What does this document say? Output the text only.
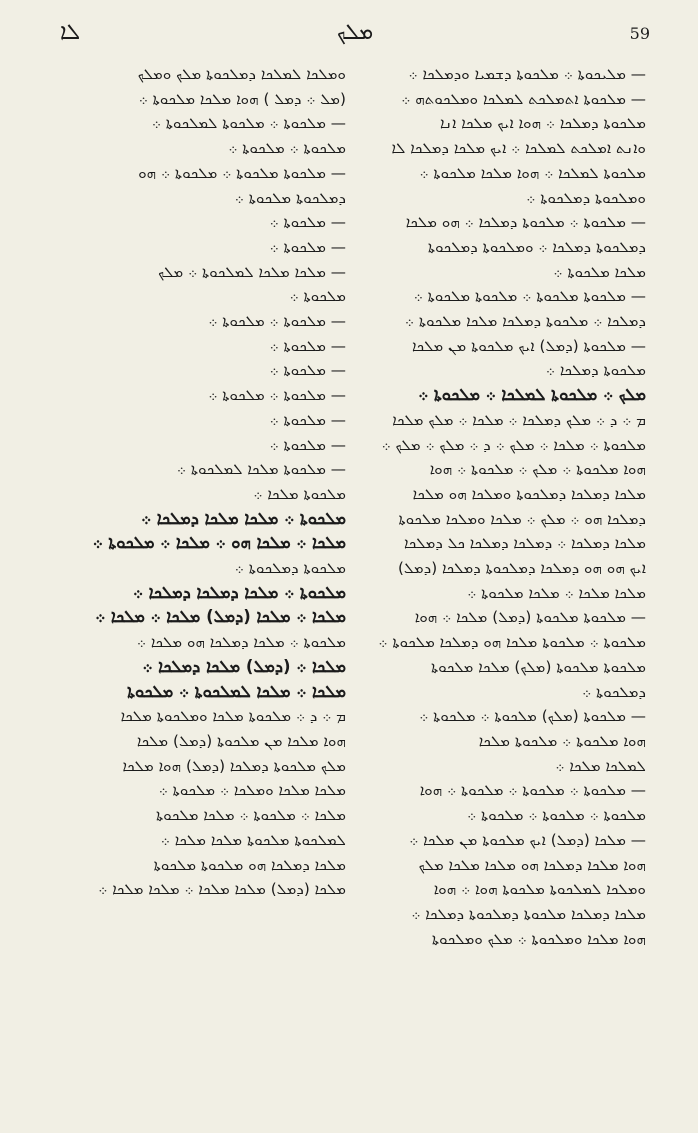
ܠܐ	ܡܠܟ	59

— ܡܠܝܟܘܬܐ ܀ ܡܠܟܘܬܐ ܕܫܡܝܐ ܘܕܡܠܟܐ ܀

— ܡܠܟܘܬܐ ܐܬܡܠܟܬ ܠܡܠܟܐ ܘܡܠܟܘܬܗ ܀

ܡܠܟܘܬܐ ܕܡܠܟܐ ܀ ܗܘܐ ܐܝܟ ܡܠܟܐ ܐܢܐ

ܘܐܢܬ ܐܡܠܟܬ ܠܡܠܟܐ ܀ ܐܝܟ ܡܠܟܐ ܕܡܠܟܐ ܠܐ

ܡܠܟܘܬܐ ܠܡܠܟܐ ܀ ܗܘܐ ܡܠܟܐ ܡܠܟܘܬܐ ܀

ܘܡܠܟܘܬܐ ܕܡܠܟܘܬܐ ܀

— ܡܠܟܘܬܐ ܀ ܡܠܟܘܬܐ ܕܡܠܟܐ ܀ ܗܘ ܡܠܟܐ

ܕܡܠܟܘܬܐ ܕܡܠܟܐ ܀ ܘܡܠܟܘܬܐ ܕܡܠܟܘܬܐ

ܡܠܟܐ ܡܠܟܘܬܐ ܀

— ܡܠܟܘܬܐ ܡܠܟܘܬܐ ܀ ܡܠܟܘܬܐ ܡܠܟܘܬܐ ܀

ܕܡܠܟܐ ܀ ܡܠܟܘܬܐ ܕܡܠܟܐ ܡܠܟܐ ܡܠܟܘܬܐ ܀

— ܡܠܟܘܬܐ (ܕܡܠ) ܐܝܟ ܡܠܟܘܬܐ ܡܢ ܡܠܟܐ

ܡܠܟܘܬܐ ܕܡܠܟܐ ܀

ܡܠܟ ܀ ܡܠܟܘܬܐ ܠܡܠܟܐ ܀ ܡܠܟܘܬܐ ܀

ܡ ܀ ܕ ܀ ܡܠܟ ܕܡܠܟܐ ܀ ܡܠܟܐ ܀ ܡܠܟ ܡܠܟܐ

ܡܠܟܘܬܐ ܀ ܡܠܟܐ ܀ ܡܠܟ ܀ ܕ ܀ ܡܠܟ ܀ ܡܠܟ ܀

ܗܘܐ ܡܠܟܘܬܐ ܀ ܡܠܟ ܀ ܡܠܟܘܬܐ ܀ ܗܘܐ

ܡܠܟܐ ܕܡܠܟܐ ܕܡܠܟܘܬܐ ܘܡܠܟܐ ܗܘ ܡܠܟܐ

ܕܡܠܟܐ ܗܘ ܀ ܡܠܟ ܀ ܡܠܟܐ ܘܡܠܟܐ ܡܠܟܘܬܐ

ܡܠܟܐ ܕܡܠܟܐ ܀ ܕܡܠܟܐ ܕܡܠܟܐ ܟܠ ܕܡܠܟܐ

ܐܝܟ ܗܘ ܗܘ ܕܡܠܟܐ ܕܡܠܟܘܬܐ ܕܡܠܟܐ (ܕܡܠ)

ܡܠܟܐ ܡܠܟܐ ܀ ܡܠܟܐ ܡܠܟܘܬܐ ܀

— ܡܠܟܘܬܐ ܡܠܟܘܬܐ (ܕܡܠ) ܡܠܟܐ ܀ ܗܘܐ

ܡܠܟܘܬܐ ܀ ܡܠܟܘܬܐ ܡܠܟܐ ܗܘ ܕܡܠܟܐ ܡܠܟܘܬܐ ܀

ܡܠܟܘܬܐ ܡܠܟܘܬܐ (ܡܠܟ) ܡܠܟܐ ܡܠܟܘܬܐ

ܕܡܠܟܘܬܐ ܀

— ܡܠܟܘܬܐ (ܡܠܟ) ܡܠܟܘܬܐ ܀ ܡܠܟܘܬܐ ܀

ܗܘܐ ܡܠܟܘܬܐ ܀ ܡܠܟܘܬܐ ܡܠܟܐ

ܠܡܠܟܐ ܡܠܟܐ ܀

— ܡܠܟܘܬܐ ܀ ܡܠܟܘܬܐ ܀ ܡܠܟܘܬܐ ܀ ܗܘܐ

ܡܠܟܘܬܐ ܀ ܡܠܟܘܬܐ ܀ ܡܠܟܘܬܐ ܀

— ܡܠܟܐ (ܕܡܠ) ܐܝܟ ܡܠܟܘܬܐ ܡܢ ܡܠܟܐ ܀

ܗܘܐ ܡܠܟܐ ܕܡܠܟܐ ܗܘ ܡܠܟܐ ܡܠܟܐ ܡܠܟ

ܘܡܠܟܐ ܠܡܠܟܘܬܐ ܡܠܟܘܬܐ ܗܘܐ ܀ ܗܘܐ

ܡܠܟܐ ܕܡܠܟܐ ܡܠܟܘܬܐ ܕܡܠܟܘܬܐ ܕܡܠܟܐ ܀

ܗܘܐ ܡܠܟܐ ܘܡܠܟܘܬܐ ܀ ܡܠܟ ܘܡܠܟܘܬܐ

ܘܡܠܟܐ ܠܡܠܟܐ ܕܡܠܟܘܬܐ ܡܠܟ ܘܡܠܟ

(ܡܠ ܀ ܕܡܠ ) ܗܘܐ ܡܠܟܐ ܡܠܟܘܬܐ ܀

— ܡܠܟܘܬܐ ܀ ܡܠܟܘܬܐ ܠܡܠܟܘܬܐ ܀

ܡܠܟܘܬܐ ܀ ܡܠܟܘܬܐ ܀

— ܡܠܟܘܬܐ ܡܠܟܘܬܐ ܀ ܡܠܟܘܬܐ ܀ ܗܘ

ܕܡܠܟܘܬܐ ܡܠܟܘܬܐ ܀

— ܡܠܟܘܬܐ ܀

— ܡܠܟܘܬܐ ܀

— ܡܠܟܐ ܡܠܟܐ ܠܡܠܟܘܬܐ ܀ ܡܠܟ

ܡܠܟܘܬܐ ܀

— ܡܠܟܘܬܐ ܀ ܡܠܟܘܬܐ ܀

— ܡܠܟܘܬܐ ܀

— ܡܠܟܘܬܐ ܀

— ܡܠܟܘܬܐ ܀ ܡܠܟܘܬܐ ܀

— ܡܠܟܘܬܐ ܀

— ܡܠܟܘܬܐ ܀

— ܡܠܟܘܬܐ ܡܠܟܐ ܠܡܠܟܘܬܐ ܀

ܡܠܟܘܬܐ ܡܠܟܐ ܀

ܡܠܟܘܬܐ ܀ ܡܠܟܐ ܡܠܟܐ ܕܡܠܟܐ ܀

ܡܠܟܐ ܀ ܡܠܟܐ ܗܘ ܀ ܡܠܟܐ ܀ ܡܠܟܘܬܐ ܀

ܡܠܟܘܬܐ ܕܡܠܟܘܬܐ ܀

ܡܠܟܘܬܐ ܀ ܡܠܟܐ ܕܡܠܟܐ ܕܡܠܟܐ ܀

ܡܠܟܐ ܀ ܡܠܟܐ (ܕܡܠ) ܡܠܟܐ ܀ ܡܠܟܐ ܀

ܡܠܟܘܬܐ ܀ ܡܠܟܐ ܕܡܠܟܐ ܗܘ ܡܠܟܐ ܀

ܡܠܟܐ ܀ (ܕܡܠ) ܡܠܟܐ ܕܡܠܟܐ ܀

ܡܠܟܐ ܀ ܡܠܟܐ ܠܡܠܟܘܬܐ ܀ ܡܠܟܘܬܐ

ܡ ܀ ܕ ܀ ܡܠܟܘܬܐ ܡܠܟܐ ܘܡܠܟܘܬܐ ܡܠܟܐ

ܗܘܐ ܡܠܟܐ ܡܢ ܡܠܟܘܬܐ (ܕܡܠ) ܡܠܟܐ

ܡܠܟ ܡܠܟܘܬܐ ܕܡܠܟܐ (ܕܡܠ) ܗܘܐ ܡܠܟܐ

ܡܠܟܐ ܡܠܟܐ ܘܡܠܟܐ ܀ ܡܠܟܘܬܐ ܀

ܡܠܟܐ ܀ ܡܠܟܘܬܐ ܀ ܡܠܟܐ ܡܠܟܘܬܐ

ܠܡܠܟܘܬܐ ܡܠܟܘܬܐ ܡܠܟܐ ܡܠܟܐ ܀

ܡܠܟܐ ܕܡܠܟܐ ܗܘ ܡܠܟܘܬܐ ܡܠܟܘܬܐ

ܡܠܟܐ (ܕܡܠ) ܡܠܟܐ ܡܠܟܐ ܀ ܡܠܟܐ ܡܠܟܐ ܀
